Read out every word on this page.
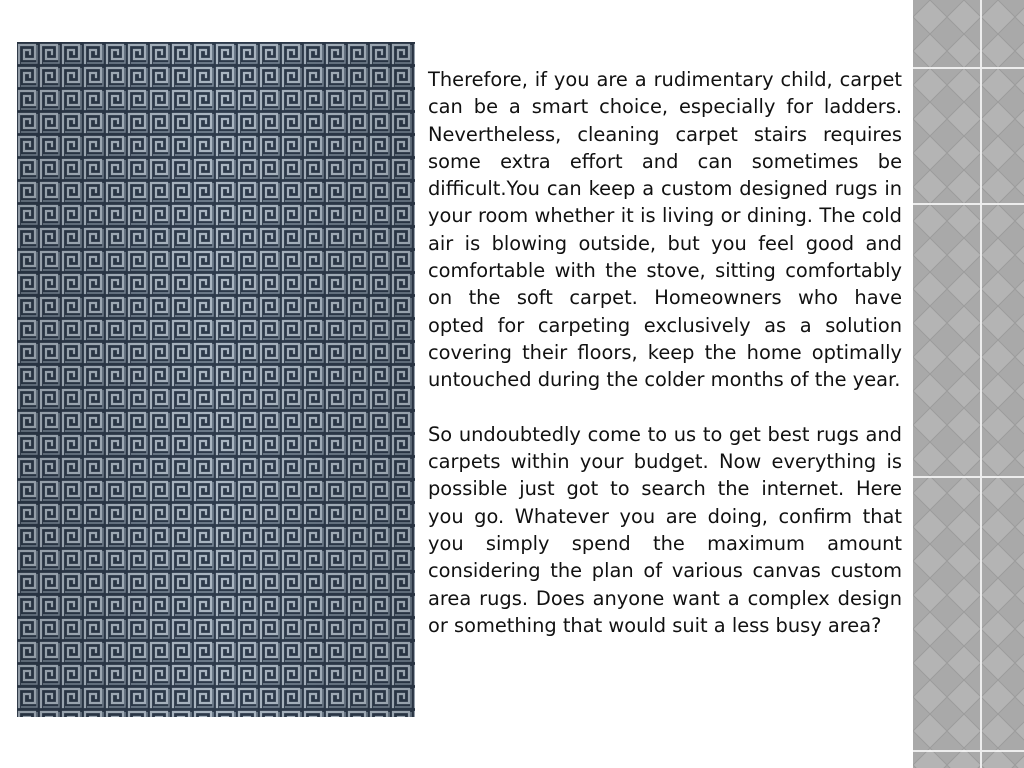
Therefore, if you are a rudimentary child, carpet can be a smart choice, especially for ladders. Nevertheless, cleaning carpet stairs requires some extra effort and can sometimes be difficult.You can keep a custom designed rugs in your room whether it is living or dining. The cold air is blowing outside, but you feel good and comfortable with the stove, sitting comfortably on the soft carpet. Homeowners who have opted for carpeting exclusively as a solution covering their floors, keep the home optimally untouched during the colder months of the year.

So undoubtedly come to us to get best rugs and carpets within your budget. Now everything is possible just got to search the internet. Here you go. Whatever you are doing, confirm that you simply spend the maximum amount considering the plan of various canvas custom area rugs. Does anyone want a complex design or something that would suit a less busy area?
